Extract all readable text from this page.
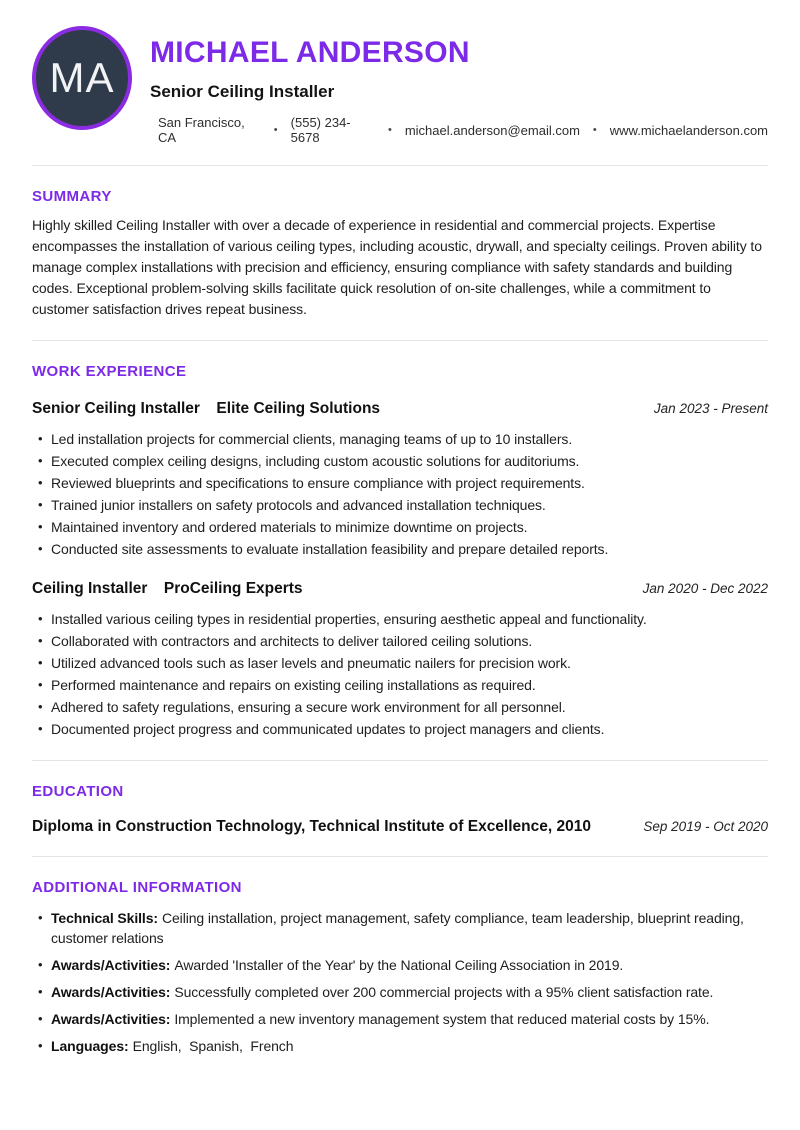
MA
MICHAEL ANDERSON
Senior Ceiling Installer
San Francisco, CA	• (555) 234-5678	• michael.anderson@email.com • www.michaelanderson.com
SUMMARY

Highly skilled Ceiling Installer with over a decade of experience in residential and commercial projects. Expertise encompasses the installation of various ceiling types, including acoustic, drywall, and specialty ceilings. Proven ability to manage complex installations with precision and efficiency, ensuring compliance with safety standards and building codes. Exceptional problem-solving skills facilitate quick resolution of on-site challenges, while a commitment to customer satisfaction drives repeat business.

WORK EXPERIENCE
Senior Ceiling Installer Elite Ceiling Solutions	Jan 2023 - Present
• Led installation projects for commercial clients, managing teams of up to 10 installers.
• Executed complex ceiling designs, including custom acoustic solutions for auditoriums.
• Reviewed blueprints and specifications to ensure compliance with project requirements.
• Trained junior installers on safety protocols and advanced installation techniques.
• Maintained inventory and ordered materials to minimize downtime on projects.
• Conducted site assessments to evaluate installation feasibility and prepare detailed reports.
Ceiling Installer ProCeiling Experts	Jan 2020 - Dec 2022
• Installed various ceiling types in residential properties, ensuring aesthetic appeal and functionality.
• Collaborated with contractors and architects to deliver tailored ceiling solutions.
• Utilized advanced tools such as laser levels and pneumatic nailers for precision work.
• Performed maintenance and repairs on existing ceiling installations as required.
• Adhered to safety regulations, ensuring a secure work environment for all personnel.
• Documented project progress and communicated updates to project managers and clients.
EDUCATION
Diploma in Construction Technology, Technical Institute of Excellence, 2010	Sep 2019 - Oct 2020
ADDITIONAL INFORMATION
• Technical Skills: Ceiling installation, project management, safety compliance, team leadership, blueprint reading, customer relations
• Awards/Activities: Awarded 'Installer of the Year' by the National Ceiling Association in 2019.
• Awards/Activities: Successfully completed over 200 commercial projects with a 95% client satisfaction rate.
• Awards/Activities: Implemented a new inventory management system that reduced material costs by 15%.
• Languages: English,  Spanish,  French
